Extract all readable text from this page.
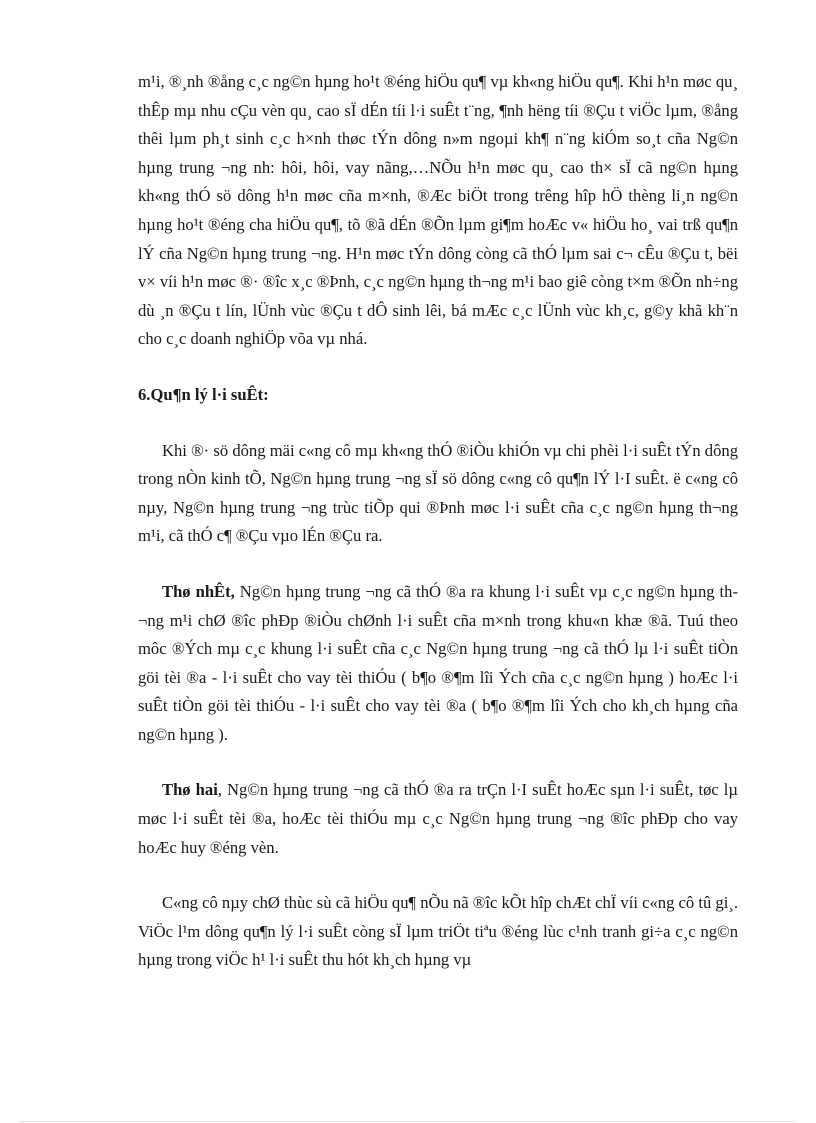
m¹i, ®¸nh ®ång c¸c ng©n hµng ho¹t ®éng hiÖu qu¶ vµ kh«ng hiÖu qu¶. Khi h¹n møc qu¸ thÊp mµ nhu cÇu vèn qu¸ cao sÏ dÉn tíi l·i suÊt t¨ng, ¶nh hëng tíi ®Çu t viÖc lµm, ®ång thêi lµm ph¸t sinh c¸c h×nh thøc tÝn dông n»m ngoµi kh¶ n¨ng kiÓm so¸t cña Ng©n hµng trung ¬ng nh: hôi, hôi, vay nãng,…NÕu h¹n møc qu¸ cao th× sÏ cã ng©n hµng kh«ng thÓ sö dông h¹n møc cña m×nh, ®Æc biÖt trong trêng hîp hÖ thèng li¸n ng©n hµng ho¹t ®éng cha hiÖu qu¶, tõ ®ã dÉn ®Õn lµm gi¶m hoÆc v« hiÖu ho¸ vai trß qu¶n lÝ cña Ng©n hµng trung ¬ng. H¹n møc tÝn dông còng cã thÓ lµm sai c¬ cÊu ®Çu t, bëi v× víi h¹n møc ®· ®îc x¸c ®Þnh, c¸c ng©n hµng th¬ng m¹i bao giê còng t×m ®Õn nh÷ng dù ¸n ®Çu t lín, lÜnh vùc ®Çu t dÔ sinh lêi, bá mÆc c¸c lÜnh vùc kh¸c, g©y khã kh¨n cho c¸c doanh nghiÖp võa vµ nhá.

6.Qu¶n lý l·i suÊt:

Khi ®· sö dông mäi c«ng cô mµ kh«ng thÓ ®iÒu khiÓn vµ chi phèi l·i suÊt tÝn dông trong nÒn kinh tÕ, Ng©n hµng trung ¬ng sÏ sö dông c«ng cô qu¶n lÝ l·I suÊt. ë c«ng cô nµy, Ng©n hµng trung ¬ng trùc tiÕp qui ®Þnh møc l·i suÊt cña c¸c ng©n hµng th¬ng m¹i, cã thÓ c¶ ®Çu vµo lÉn ®Çu ra.

Thø nhÊt, Ng©n hµng trung ¬ng cã thÓ ®a ra khung l·i suÊt vµ c¸c ng©n hµng th¬ng m¹i chØ ®îc phÐp ®iÒu chØnh l·i suÊt cña m×nh trong khu«n khæ ®ã. Tuú theo môc ®Ých mµ c¸c khung l·i suÊt cña c¸c Ng©n hµng trung ¬ng cã thÓ lµ l·i suÊt tiÒn göi tèi ®a - l·i suÊt cho vay tèi thiÓu ( b¶o ®¶m lîi Ých cña c¸c ng©n hµng ) hoÆc l·i suÊt tiÒn göi tèi thiÓu - l·i suÊt cho vay tèi ®a ( b¶o ®¶m lîi Ých cho kh¸ch hµng cña ng©n hµng ).

Thø hai, Ng©n hµng trung ¬ng cã thÓ ®a ra trÇn l·I suÊt hoÆc sµn l·i suÊt, tøc lµ møc l·i suÊt tèi ®a, hoÆc tèi thiÓu mµ c¸c Ng©n hµng trung ¬ng ®îc phÐp cho vay hoÆc huy ®éng vèn.

C«ng cô nµy chØ thùc sù cã hiÖu qu¶ nÕu nã ®îc kÕt hîp chÆt chÏ víi c«ng cô tû gi¸. ViÖc l¹m dông qu¶n lý l·i suÊt còng sÏ lµm triÖt tiªu ®éng lùc c¹nh tranh gi÷a c¸c ng©n hµng trong viÖc h¹ l·i suÊt thu hót kh¸ch hµng vµ
